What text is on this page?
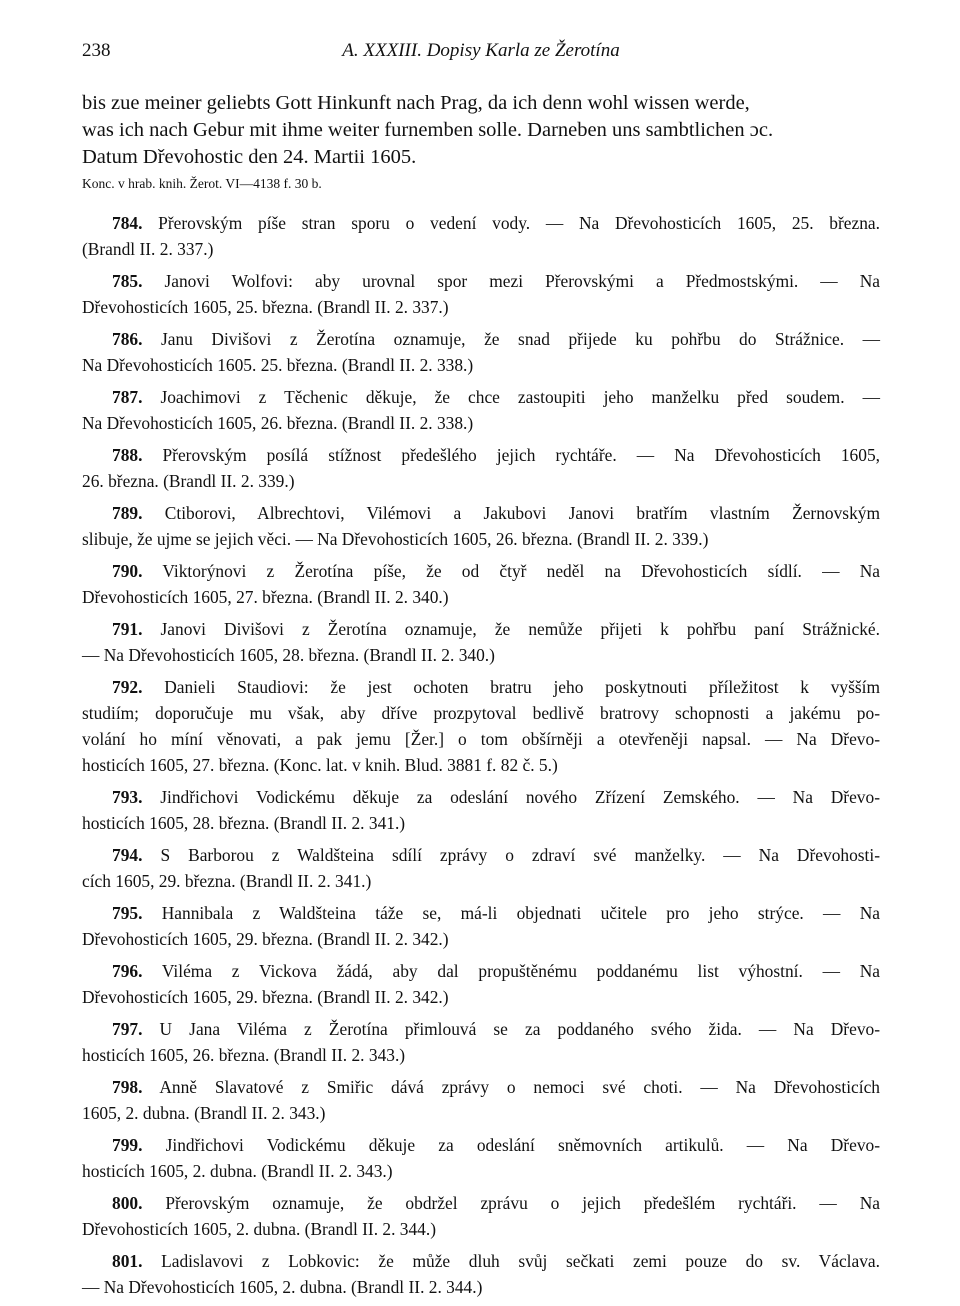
238	A. XXXIII. Dopisy Karla ze Žerotína
bis zue meiner geliebts Gott Hinkunft nach Prag, da ich denn wohl wissen werde,
was ich nach Gebur mit ihme weiter furnemben solle. Darneben uns sambtlichen ɔc.
Datum Dřevohostic den 24. Martii 1605.
Konc. v hrab. knih. Žerot. VI—4138 f. 30 b.
784. Přerovským píše stran sporu o vedení vody. — Na Dřevohosticích 1605, 25. března.
(Brandl II. 2. 337.)
785. Janovi Wolfovi: aby urovnal spor mezi Přerovskými a Předmostskými. — Na
Dřevohosticích 1605, 25. března. (Brandl II. 2. 337.)
786. Janu Divišovi z Žerotína oznamuje, že snad přijede ku pohřbu do Strážnice. —
Na Dřevohosticích 1605. 25. března. (Brandl II. 2. 338.)
787. Joachimovi z Těchenic děkuje, že chce zastoupiti jeho manželku před soudem. —
Na Dřevohosticích 1605, 26. března. (Brandl II. 2. 338.)
788. Přerovským posílá stížnost předešlého jejich rychtáře. — Na Dřevohosticích 1605,
26. března. (Brandl II. 2. 339.)
789. Ctiborovi, Albrechtovi, Vilémovi a Jakubovi Janovi bratřím vlastním Žernovským
slibuje, že ujme se jejich věci. — Na Dřevohosticích 1605, 26. března. (Brandl II. 2. 339.)
790. Viktorýnovi z Žerotína píše, že od čtyř neděl na Dřevohosticích sídlí. — Na
Dřevohosticích 1605, 27. března. (Brandl II. 2. 340.)
791. Janovi Divišovi z Žerotína oznamuje, že nemůže přijeti k pohřbu paní Strážnické.
— Na Dřevohosticích 1605, 28. března. (Brandl II. 2. 340.)
792. Danieli Staudiovi: že jest ochoten bratru jeho poskytnouti příležitost k vyšším
studiím; doporučuje mu však, aby dříve prozpytoval bedlivě bratrovy schopnosti a jakému po-
volání ho míní věnovati, a pak jemu [Žer.] o tom obšírněji a otevřeněji napsal. — Na Dřevo-
hosticích 1605, 27. března. (Konc. lat. v knih. Blud. 3881 f. 82 č. 5.)
793. Jindřichovi Vodickému děkuje za odeslání nového Zřízení Zemského. — Na Dřevo-
hosticích 1605, 28. března. (Brandl II. 2. 341.)
794. S Barborou z Waldšteina sdílí zprávy o zdraví své manželky. — Na Dřevohosti-
cích 1605, 29. března. (Brandl II. 2. 341.)
795. Hannibala z Waldšteina táže se, má-li objednati učitele pro jeho strýce. — Na
Dřevohosticích 1605, 29. března. (Brandl II. 2. 342.)
796. Viléma z Vickova žádá, aby dal propuštěnému poddanému list výhostní. — Na
Dřevohosticích 1605, 29. března. (Brandl II. 2. 342.)
797. U Jana Viléma z Žerotína přimlouvá se za poddaného svého žida. — Na Dřevo-
hosticích 1605, 26. března. (Brandl II. 2. 343.)
798. Anně Slavatové z Smiřic dává zprávy o nemoci své choti. — Na Dřevohosticích
1605, 2. dubna. (Brandl II. 2. 343.)
799. Jindřichovi Vodickému děkuje za odeslání sněmovních artikulů. — Na Dřevo-
hosticích 1605, 2. dubna. (Brandl II. 2. 343.)
800. Přerovským oznamuje, že obdržel zprávu o jejich předešlém rychtáři. — Na
Dřevohosticích 1605, 2. dubna. (Brandl II. 2. 344.)
801. Ladislavovi z Lobkovic: že může dluh svůj sečkati zemi pouze do sv. Václava.
— Na Dřevohosticích 1605, 2. dubna. (Brandl II. 2. 344.)
